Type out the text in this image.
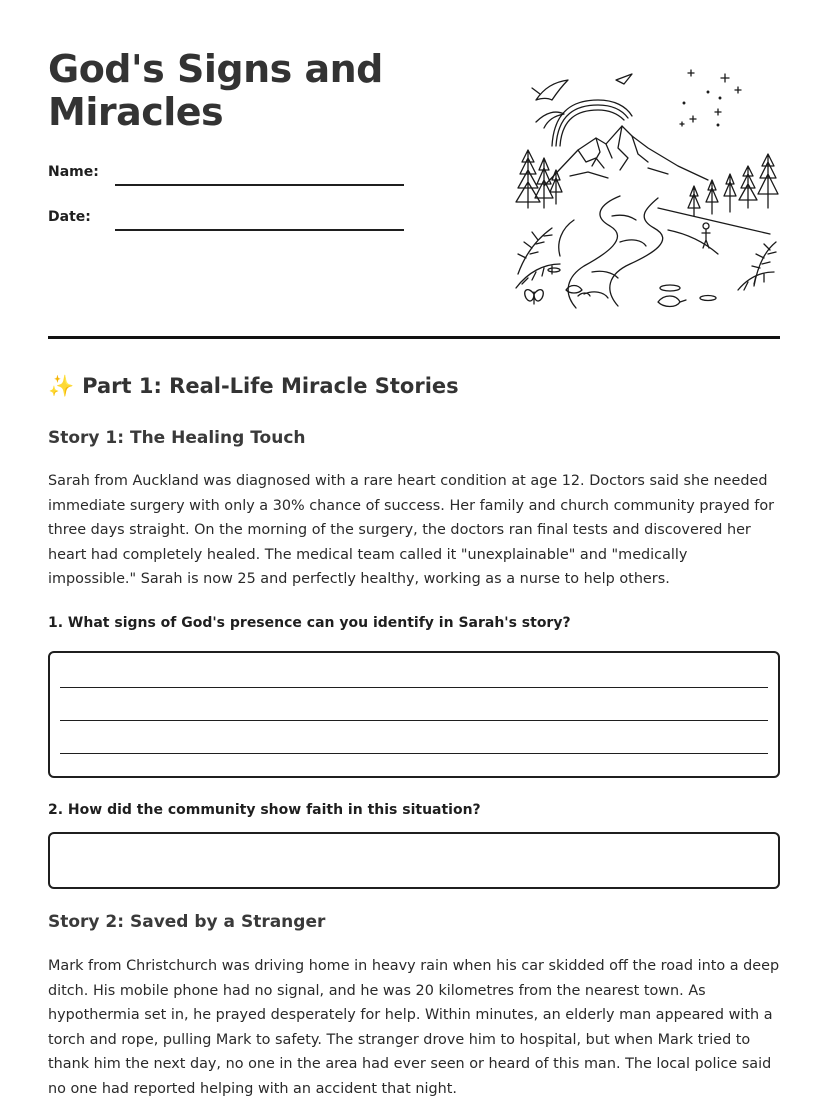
God's Signs and Miracles
Name:
Date:
✨ Part 1: Real-Life Miracle Stories
Story 1: The Healing Touch

Sarah from Auckland was diagnosed with a rare heart condition at age 12. Doctors said she needed immediate surgery with only a 30% chance of success. Her family and church community prayed for three days straight. On the morning of the surgery, the doctors ran final tests and discovered her heart had completely healed. The medical team called it "unexplainable" and "medically impossible." Sarah is now 25 and perfectly healthy, working as a nurse to help others.

1. What signs of God's presence can you identify in Sarah's story?

2. How did the community show faith in this situation?

Story 2: Saved by a Stranger

Mark from Christchurch was driving home in heavy rain when his car skidded off the road into a deep ditch. His mobile phone had no signal, and he was 20 kilometres from the nearest town. As hypothermia set in, he prayed desperately for help. Within minutes, an elderly man appeared with a torch and rope, pulling Mark to safety. The stranger drove him to hospital, but when Mark tried to thank him the next day, no one in the area had ever seen or heard of this man. The local police said no one had reported helping with an accident that night.
